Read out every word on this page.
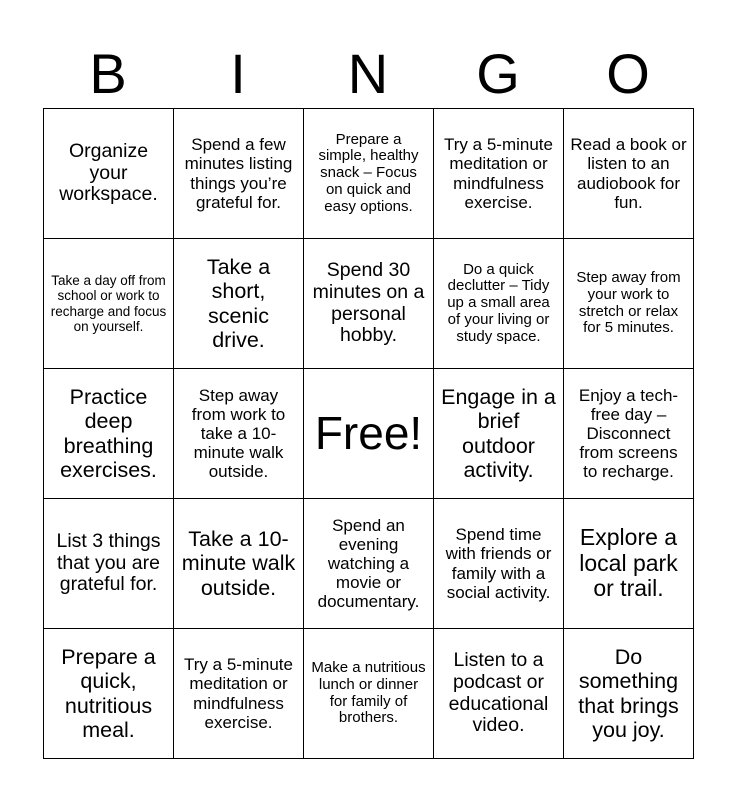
B	I	N	G	O
Organize your workspace.	Spend a few minutes listing things you’re grateful for.	Prepare a simple, healthy snack – Focus on quick and easy options.	Try a 5-minute meditation or mindfulness exercise.	Read a book or listen to an audiobook for fun.
Take a day off from school or work to recharge and focus on yourself.	Take a short, scenic drive.	Spend 30 minutes on a personal hobby.	Do a quick declutter – Tidy up a small area of your living or study space.	Step away from your work to stretch or relax for 5 minutes.
Practice deep breathing exercises.	Step away from work to take a 10-minute walk outside.	Free!	Engage in a brief outdoor activity.	Enjoy a tech-free day – Disconnect from screens to recharge.
List 3 things that you are grateful for.	Take a 10-minute walk outside.	Spend an evening watching a movie or documentary.	Spend time with friends or family with a social activity.	Explore a local park or trail.
Prepare a quick, nutritious meal.	Try a 5-minute meditation or mindfulness exercise.	Make a nutritious lunch or dinner for family of brothers.	Listen to a podcast or educational video.	Do something that brings you joy.
